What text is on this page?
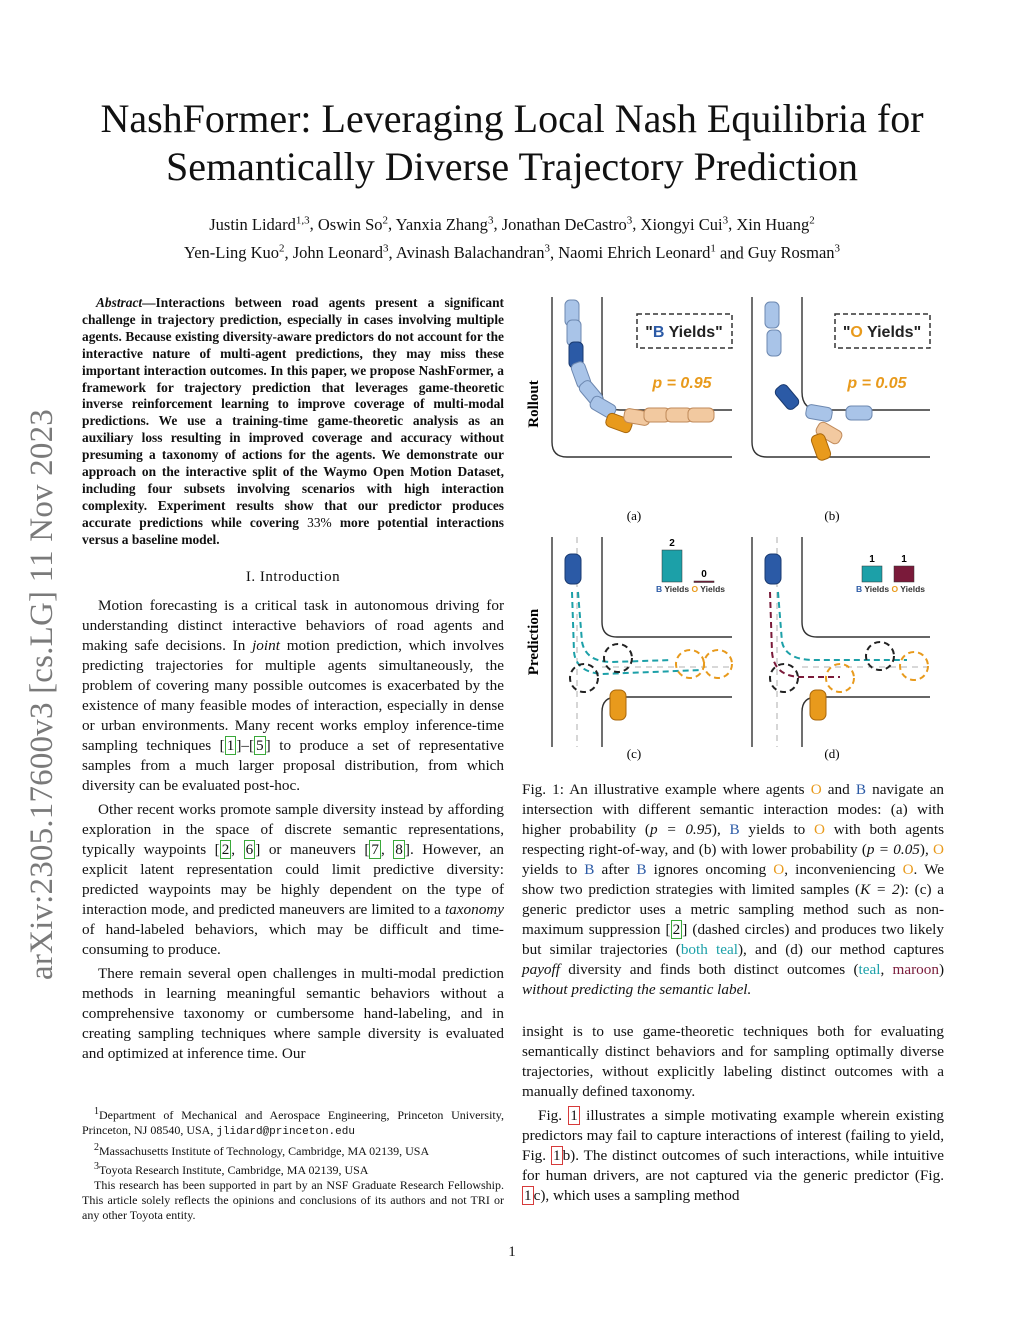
arXiv:2305.17600v3 [cs.LG] 11 Nov 2023
NashFormer: Leveraging Local Nash Equilibria for
Semantically Diverse Trajectory Prediction
Justin Lidard$^{1,3}$, Oswin So$^2$, Yanxia Zhang$^3$, Jonathan DeCastro$^3$, Xiongyi Cui$^3$, Xin Huang$^2$
Yen-Ling Kuo$^2$, John Leonard$^3$, Avinash Balachandran$^3$, Naomi Ehrich Leonard$^1$ and Guy Rosman$^3$

Abstract—Interactions between road agents present a significant challenge in trajectory prediction, especially in cases involving multiple agents. Because existing diversity-aware predictors do not account for the interactive nature of multi-agent predictions, they may miss these important interaction outcomes. In this paper, we propose NashFormer, a framework for trajectory prediction that leverages game-theoretic inverse reinforcement learning to improve coverage of multi-modal predictions. We use a training-time game-theoretic analysis as an auxiliary loss resulting in improved coverage and accuracy without presuming a taxonomy of actions for the agents. We demonstrate our approach on the interactive split of the Waymo Open Motion Dataset, including four subsets involving scenarios with high interaction complexity. Experiment results show that our predictor produces accurate predictions while covering 33% more potential interactions versus a baseline model.

I. Introduction

Motion forecasting is a critical task in autonomous driving for understanding distinct interactive behaviors of road agents and making safe decisions. In joint motion prediction, which involves predicting trajectories for multiple agents simultaneously, the problem of covering many possible outcomes is exacerbated by the existence of many feasible modes of interaction, especially in dense or urban environments. Many recent works employ inference-time sampling techniques [ 1 ]–[ 5 ] to produce a set of representative samples from a much larger proposal distribution, from which diversity can be evaluated post-hoc.

Other recent works promote sample diversity instead by affording exploration in the space of discrete semantic representations, typically waypoints [ 2 , 6 ] or maneuvers [ 7 , 8 ]. However, an explicit latent representation could limit predictive diversity: predicted waypoints may be highly dependent on the type of interaction mode, and predicted maneuvers are limited to a taxonomy of hand-labeled behaviors, which may be difficult and time-consuming to produce.

There remain several open challenges in multi-modal prediction methods in learning meaningful semantic behaviors without a comprehensive taxonomy or cumbersome hand-labeling, and in creating sampling techniques where sample diversity is evaluated and optimized at inference time. Our

$^1$Department of Mechanical and Aerospace Engineering, Princeton University, Princeton, NJ 08540, USA, jlidard@princeton.edu

$^2$Massachusetts Institute of Technology, Cambridge, MA 02139, USA

$^3$Toyota Research Institute, Cambridge, MA 02139, USA

This research has been supported in part by an NSF Graduate Research Fellowship. This article solely reflects the opinions and conclusions of its authors and not TRI or any other Toyota entity.

Rollout
Prediction
"B Yields"
p = 0.95
(a)
"O Yields"
p = 0.05
(b)
2
0
B Yields O Yields
(c)
1	1
B Yields O Yields
(d)

Fig. 1: An illustrative example where agents O and B navigate an intersection with different semantic interaction modes: (a) with higher probability (p = 0.95), B yields to O with both agents respecting right-of-way, and (b) with lower probability (p = 0.05), O yields to B after B ignores oncoming O, inconveniencing O. We show two prediction strategies with limited samples (K = 2): (c) a generic predictor uses a metric sampling method such as non-maximum suppression [ 2 ] (dashed circles) and produces two likely but similar trajectories (both teal), and (d) our method captures payoff diversity and finds both distinct outcomes (teal, maroon) without predicting the semantic label.

insight is to use game-theoretic techniques both for evaluating semantically distinct behaviors and for sampling optimally diverse trajectories, without explicitly labeling distinct outcomes with a manually defined taxonomy.

Fig. 1 illustrates a simple motivating example wherein existing predictors may fail to capture interactions of interest (failing to yield, Fig. 1 b). The distinct outcomes of such interactions, while intuitive for human drivers, are not captured via the generic predictor (Fig. 1 c), which uses a sampling method

1
